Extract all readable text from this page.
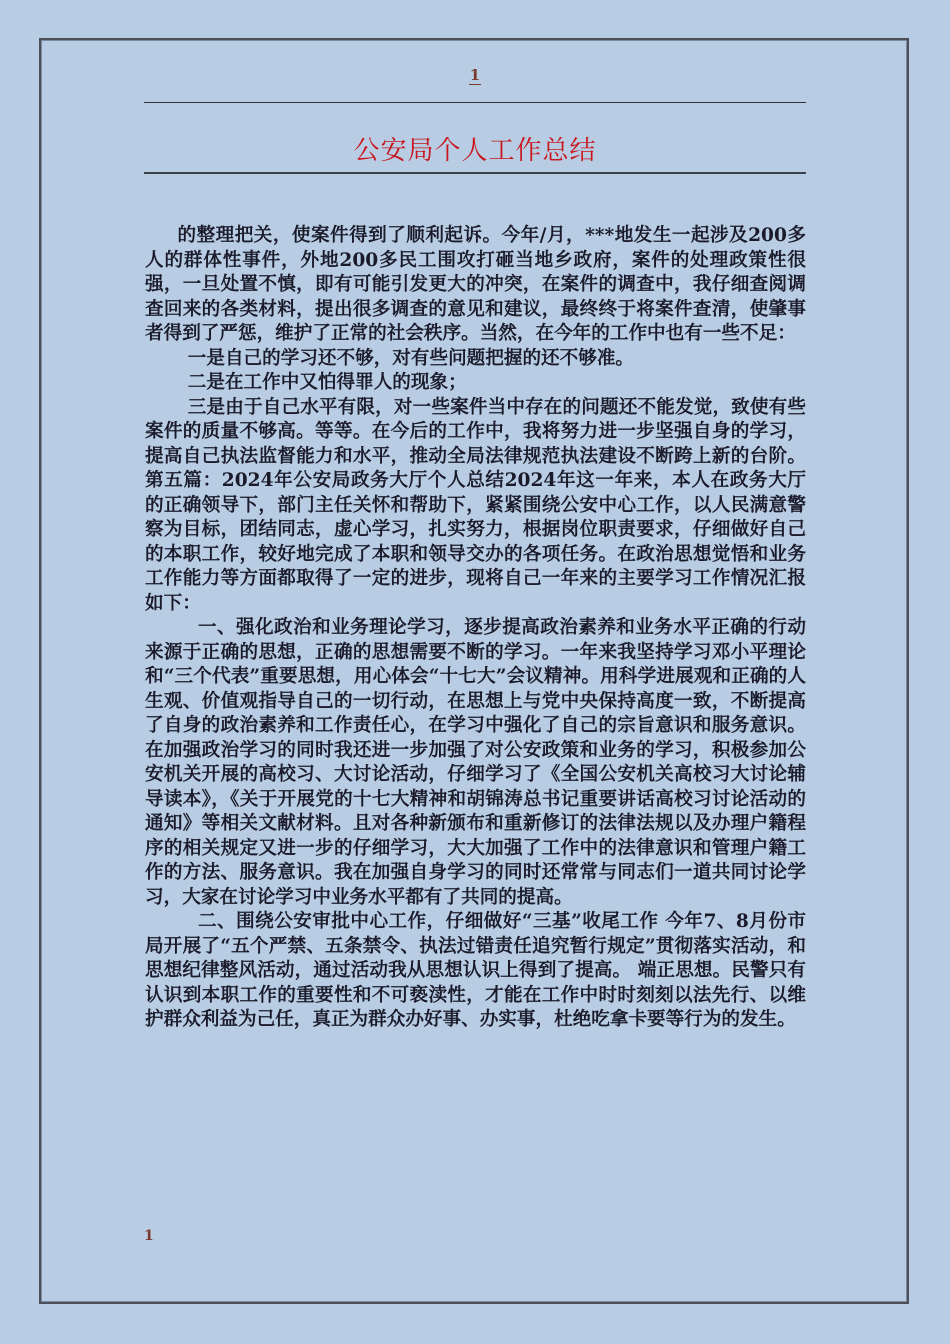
1
公安局个人工作总结

的整理把关，使案件得到了顺利起诉。今年/月，***地发生一起涉及200多人的群体性事件，外地200多民工围攻打砸当地乡政府，案件的处理政策性很强，一旦处置不慎，即有可能引发更大的冲突，在案件的调查中，我仔细查阅调查回来的各类材料，提出很多调查的意见和建议，最终终于将案件查清，使肇事者得到了严惩，维护了正常的社会秩序。当然，在今年的工作中也有一些不足：

一是自己的学习还不够，对有些问题把握的还不够准。

二是在工作中又怕得罪人的现象；

三是由于自己水平有限，对一些案件当中存在的问题还不能发觉，致使有些案件的质量不够高。等等。在今后的工作中，我将努力进一步坚强自身的学习，提高自己执法监督能力和水平，推动全局法律规范执法建设不断跨上新的台阶。第五篇：2024年公安局政务大厅个人总结2024年这一年来，本人在政务大厅的正确领导下，部门主任关怀和帮助下，紧紧围绕公安中心工作，以人民满意警察为目标，团结同志，虚心学习，扎实努力，根据岗位职责要求，仔细做好自己的本职工作，较好地完成了本职和领导交办的各项任务。在政治思想觉悟和业务工作能力等方面都取得了一定的进步，现将自己一年来的主要学习工作情况汇报如下：

一、强化政治和业务理论学习，逐步提高政治素养和业务水平正确的行动来源于正确的思想，正确的思想需要不断的学习。一年来我坚持学习邓小平理论和“三个代表”重要思想，用心体会“十七大”会议精神。用科学进展观和正确的人生观、价值观指导自己的一切行动，在思想上与党中央保持高度一致，不断提高了自身的政治素养和工作责任心，在学习中强化了自己的宗旨意识和服务意识。在加强政治学习的同时我还进一步加强了对公安政策和业务的学习，积极参加公安机关开展的高校习、大讨论活动，仔细学习了《全国公安机关高校习大讨论辅导读本》，《关于开展党的十七大精神和胡锦涛总书记重要讲话高校习讨论活动的通知》等相关文献材料。且对各种新颁布和重新修订的法律法规以及办理户籍程序的相关规定又进一步的仔细学习，大大加强了工作中的法律意识和管理户籍工作的方法、服务意识。我在加强自身学习的同时还常常与同志们一道共同讨论学习，大家在讨论学习中业务水平都有了共同的提高。

二、围绕公安审批中心工作，仔细做好“三基”收尾工作 今年7、8月份市局开展了“五个严禁、五条禁令、执法过错责任追究暂行规定”贯彻落实活动，和思想纪律整风活动，通过活动我从思想认识上得到了提高。 端正思想。民警只有认识到本职工作的重要性和不可亵渎性，才能在工作中时时刻刻以法先行、以维护群众利益为己任，真正为群众办好事、办实事，杜绝吃拿卡要等行为的发生。

1
